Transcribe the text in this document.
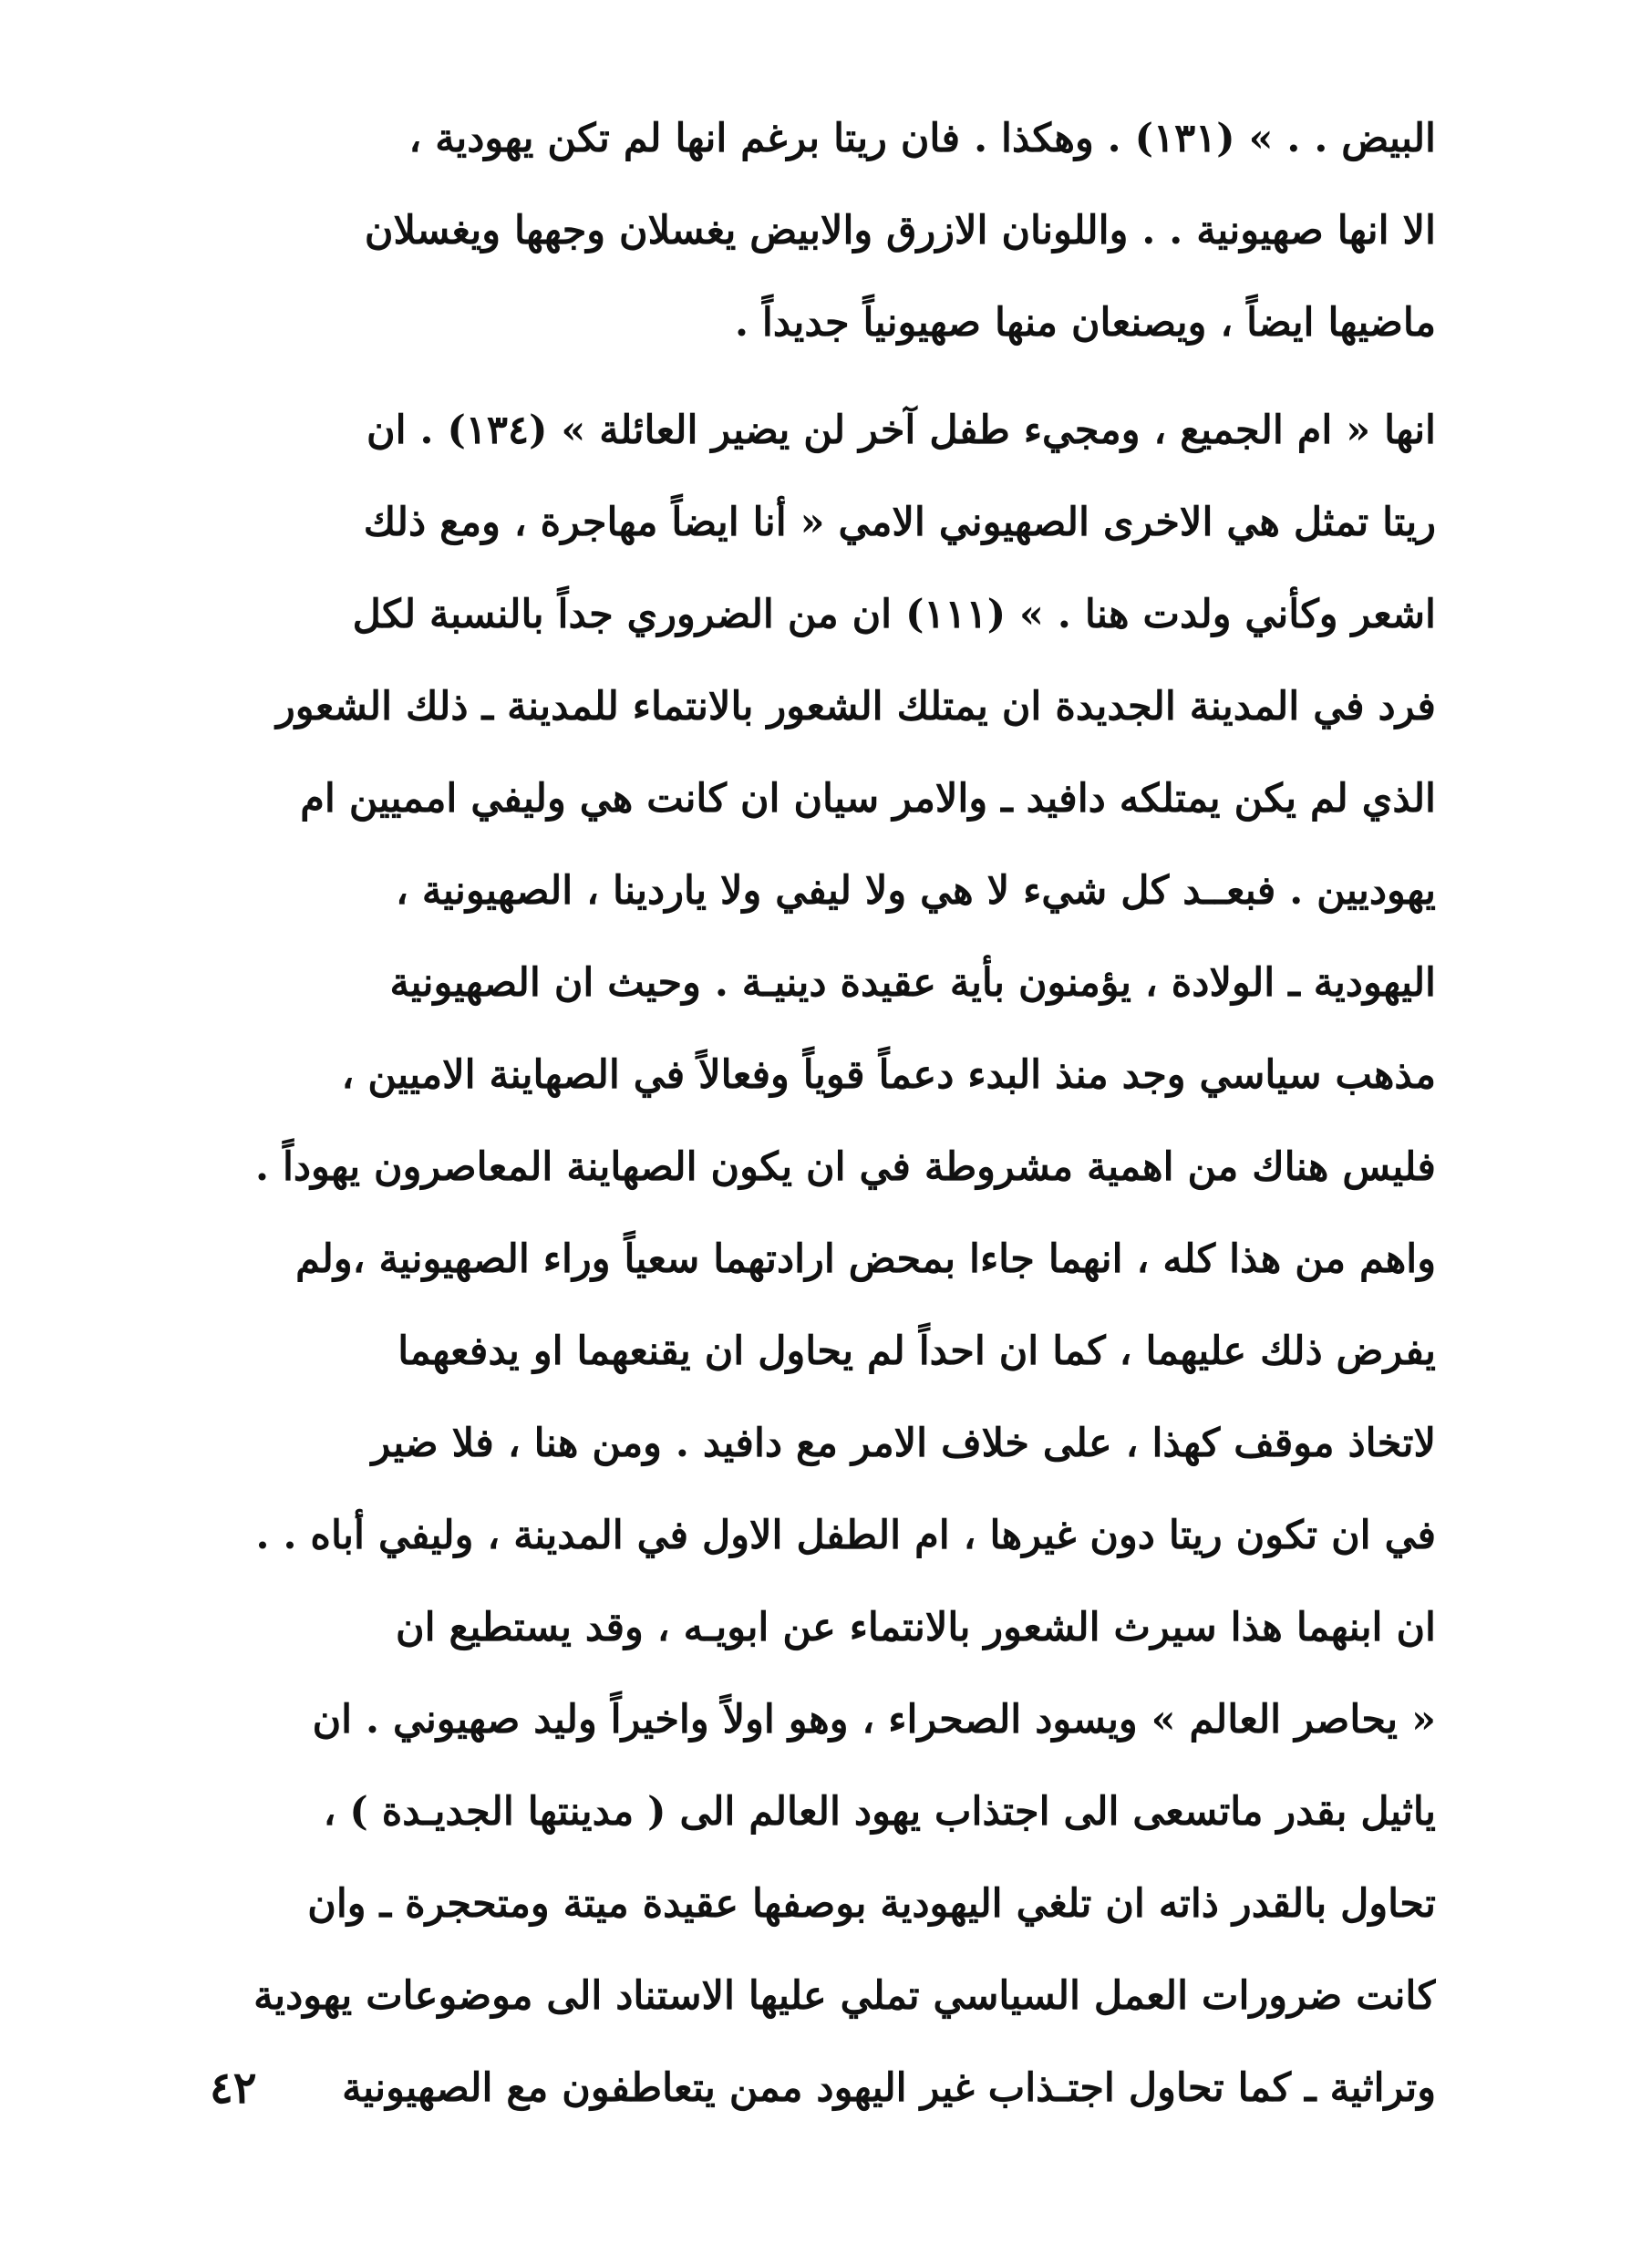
البيض . . » (١٣١) . وهكذا . فان ريتا برغم انها لم تكن يهودية ،
الا انها صهيونية . . واللونان الازرق والابيض يغسلان وجهها ويغسلان
ماضيها ايضاً ، ويصنعان منها صهيونياً جديداً .
انها « ام الجميع ، ومجيء طفل آخر لن يضير العائلة » (١٣٤) . ان
ريتا تمثل هي الاخرى الصهيوني الامي « أنا ايضاً مهاجرة ، ومع ذلك
اشعر وكأني ولدت هنا . » (١١١) ان من الضروري جداً بالنسبة لكل
فرد في المدينة الجديدة ان يمتلك الشعور بالانتماء للمدينة ـ ذلك الشعور
الذي لم يكن يمتلكه دافيد ـ والامر سيان ان كانت هي وليفي امميين ام
يهوديين . فبعــد كل شيء لا هي ولا ليفي ولا ياردينا ، الصهيونية ،
اليهودية ـ الولادة ، يؤمنون بأية عقيدة دينيـة . وحيث ان الصهيونية
مذهب سياسي وجد منذ البدء دعماً قوياً وفعالاً في الصهاينة الاميين ،
فليس هناك من اهمية مشروطة في ان يكون الصهاينة المعاصرون يهوداً .
واهم من هذا كله ، انهما جاءا بمحض ارادتهما سعياً وراء الصهيونية ،ولم
يفرض ذلك عليهما ، كما ان احداً لم يحاول ان يقنعهما او يدفعهما
لاتخاذ موقف كهذا ، على خلاف الامر مع دافيد . ومن هنا ، فلا ضير
في ان تكون ريتا دون غيرها ، ام الطفل الاول في المدينة ، وليفي أباه . .
ان ابنهما هذا سيرث الشعور بالانتماء عن ابويـه ، وقد يستطيع ان
« يحاصر العالم » ويسود الصحراء ، وهو اولاً واخيراً وليد صهيوني . ان
ياثيل بقدر ماتسعى الى اجتذاب يهود العالم الى ( مدينتها الجديـدة ) ،
تحاول بالقدر ذاته ان تلغي اليهودية بوصفها عقيدة ميتة ومتحجرة ـ وان
كانت ضرورات العمل السياسي تملي عليها الاستناد الى موضوعات يهودية
وتراثية ـ كما تحاول اجتـذاب غير اليهود ممن يتعاطفون مع الصهيونية
٤٢
